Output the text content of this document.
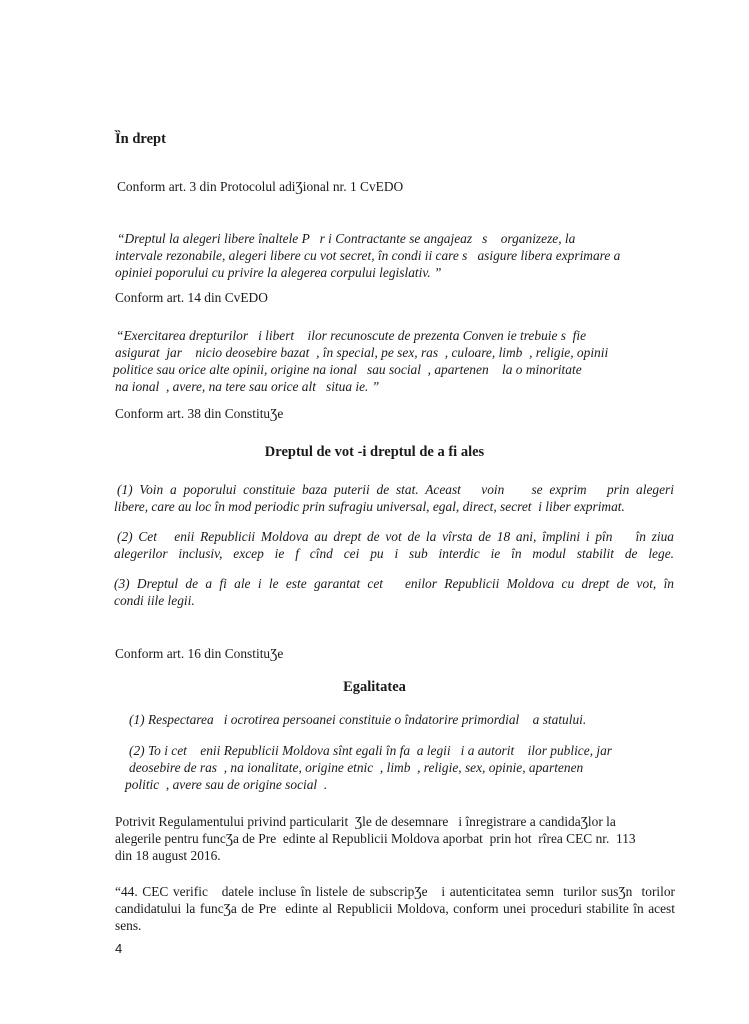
Ȉn drept
Conform art. 3 din Protocolul adiƷional nr. 1 CvEDO
“Dreptul la alegeri libere înaltele P   r i Contractante se angajeaz   s    organizeze, la
intervale rezonabile, alegeri libere cu vot secret, în condi ii care s   asigure libera exprimare a
opiniei poporului cu privire la alegerea corpului legislativ. ”
Conform art. 14 din CvEDO
“Exercitarea drepturilor   i libert    ilor recunoscute de prezenta Conven ie trebuie s  fie
asigurat  jar    nicio deosebire bazat  , în special, pe sex, ras  , culoare, limb  , religie, opinii
politice sau orice alte opinii, origine na ional   sau social  , apartenen    la o minoritate
na ional  , avere, na tere sau orice alt   situa ie. ”
Conform art. 38 din ConstituƷe
Dreptul de vot -i dreptul de a fi ales
(1) Voin a poporului constituie baza puterii de stat. Aceast   voin    se exprim   prin alegeri
libere, care au loc în mod periodic prin sufragiu universal, egal, direct, secret  i liber exprimat.
(2) Cet   enii Republicii Moldova au drept de vot de la vîrsta de 18 ani, împlini i pîn    în ziua
alegerilor inclusiv, excep ie f cînd cei pu i sub interdic ie în modul stabilit de lege.
(3) Dreptul de a fi ale i le este garantat cet   enilor Republicii Moldova cu drept de vot, în
condi iile legii.
Conform art. 16 din ConstituƷe
Egalitatea
(1) Respectarea   i ocrotirea persoanei constituie o îndatorire primordial    a statului.
(2) To i cet    enii Republicii Moldova sînt egali în fa  a legii   i a autorit    ilor publice, jar
deosebire de ras  , na ionalitate, origine etnic  , limb  , religie, sex, opinie, apartenen
politic  , avere sau de origine social  .
Potrivit Regulamentului privind particularit  Ʒle de desemnare   i înregistrare a candidaƷlor la
alegerile pentru funcƷa de Pre  edinte al Republicii Moldova aporbat  prin hot  rîrea CEC nr.  113
din 18 august 2016.
“44. CEC verific   datele incluse în listele de subscripƷe   i autenticitatea semn  turilor susƷn  torilor
candidatului la funcƷa de Pre  edinte al Republicii Moldova, conform unei proceduri stabilite în acest
sens.
4
